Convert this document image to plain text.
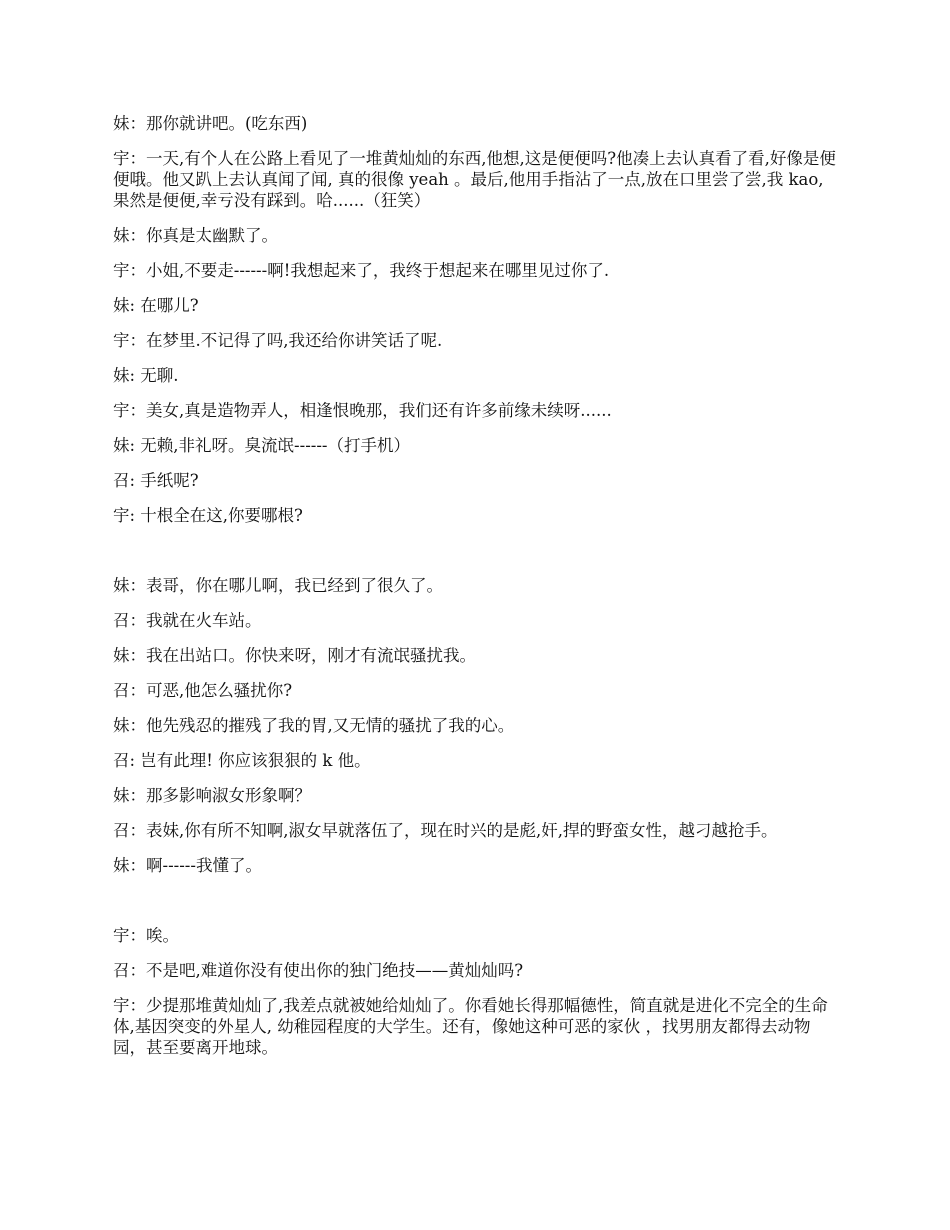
妹：那你就讲吧。(吃东西)

宇：一天,有个人在公路上看见了一堆黄灿灿的东西,他想,这是便便吗?他凑上去认真看了看,好像是便便哦。他又趴上去认真闻了闻, 真的很像 yeah 。最后,他用手指沾了一点,放在口里尝了尝,我 kao,果然是便便,幸亏没有踩到。哈......（狂笑）

妹：你真是太幽默了。

宇：小姐,不要走------啊!我想起来了，我终于想起来在哪里见过你了.

妹: 在哪儿?

宇：在梦里.不记得了吗,我还给你讲笑话了呢.

妹: 无聊.

宇：美女,真是造物弄人，相逢恨晚那，我们还有许多前缘未续呀......

妹: 无赖,非礼呀。臭流氓------（打手机）

召: 手纸呢?

宇: 十根全在这,你要哪根?

妹：表哥，你在哪儿啊，我已经到了很久了。

召：我就在火车站。

妹：我在出站口。你快来呀，刚才有流氓骚扰我。

召：可恶,他怎么骚扰你?

妹：他先残忍的摧残了我的胃,又无情的骚扰了我的心。

召: 岂有此理! 你应该狠狠的 k 他。

妹：那多影响淑女形象啊？

召：表妹,你有所不知啊,淑女早就落伍了，现在时兴的是彪,奸,捍的野蛮女性，越刁越抢手。

妹：啊------我懂了。

宇：唉。

召：不是吧,难道你没有使出你的独门绝技——黄灿灿吗?

宇：少提那堆黄灿灿了,我差点就被她给灿灿了。你看她长得那幅德性，简直就是进化不完全的生命体,基因突变的外星人, 幼稚园程度的大学生。还有，像她这种可恶的家伙 ，找男朋友都得去动物园，甚至要离开地球。
